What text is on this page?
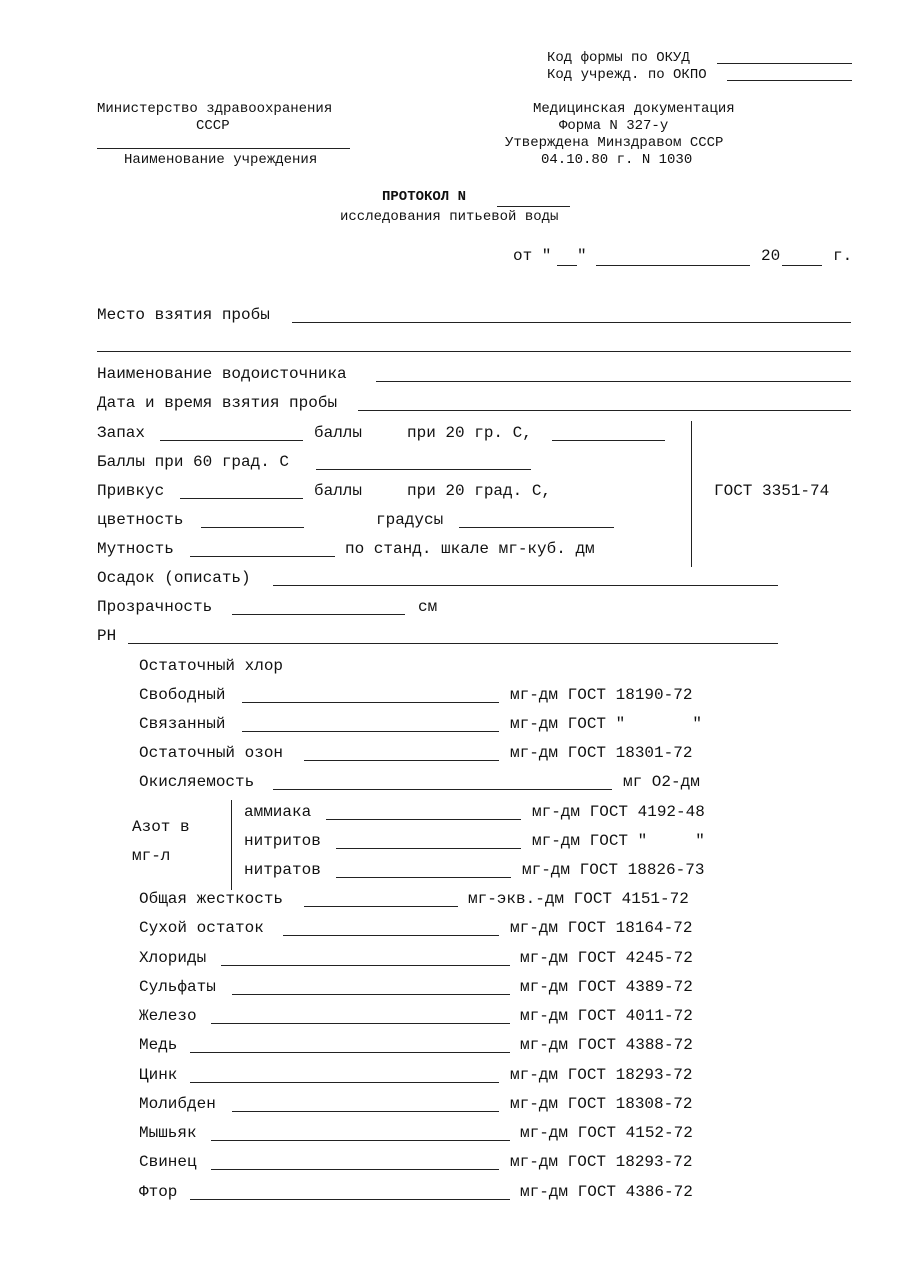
Код формы по ОКУД
Код учрежд. по ОКПО
Министерство здравоохранения
СССР
Наименование учреждения
Медицинская документация
Форма N 327-у
Утверждена Минздравом СССР
04.10.80 г. N 1030
ПРОТОКОЛ N
исследования питьевой воды
от " "	20	г.
Место взятия пробы
Наименование водоисточника
Дата и время взятия пробы
Запах	баллы	при 20 гр. С,
Баллы при 60 град. С
Привкус	баллы	при 20 град. С,
цветность	градусы
Мутность	по станд. шкале мг-куб. дм
ГОСТ 3351-74
Осадок (описать)
Прозрачность	см
PH
Остаточный хлор
Свободный	мг-дм ГОСТ 18190-72
Связанный	мг-дм ГОСТ "       "
Остаточный озон	мг-дм ГОСТ 18301-72
Окисляемость	мг О2-дм
Азот в
мг-л
аммиака	мг-дм ГОСТ 4192-48
нитритов	мг-дм ГОСТ "     "
нитратов	мг-дм ГОСТ 18826-73
Общая жесткость	мг-экв.-дм ГОСТ 4151-72
Сухой остаток	мг-дм ГОСТ 18164-72
Хлориды	мг-дм ГОСТ 4245-72
Сульфаты	мг-дм ГОСТ 4389-72
Железо	мг-дм ГОСТ 4011-72
Медь	мг-дм ГОСТ 4388-72
Цинк	мг-дм ГОСТ 18293-72
Молибден	мг-дм ГОСТ 18308-72
Мышьяк	мг-дм ГОСТ 4152-72
Свинец	мг-дм ГОСТ 18293-72
Фтор	мг-дм ГОСТ 4386-72
